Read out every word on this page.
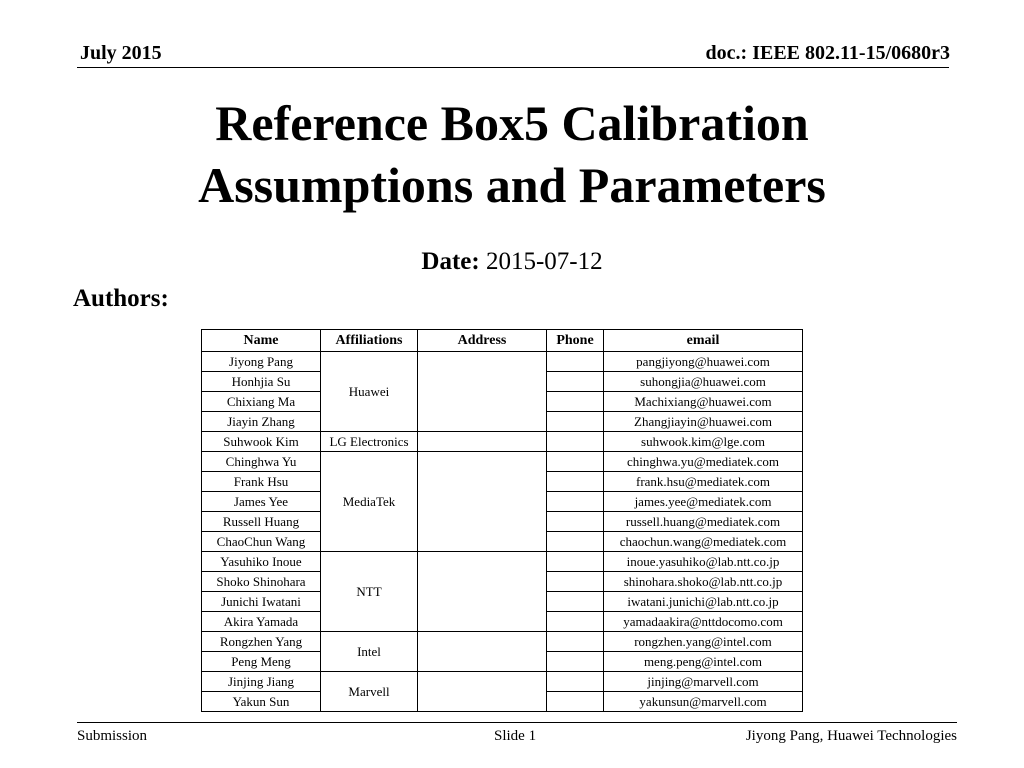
July 2015	doc.: IEEE 802.11-15/0680r3
Reference Box5 Calibration
Assumptions and Parameters
Date: 2015-07-12
Authors:
Name	Affiliations	Address	Phone	email
Jiyong Pang	Huawei			pangjiyong@huawei.com
Honhjia Su				suhongjia@huawei.com
Chixiang Ma				Machixiang@huawei.com
Jiayin Zhang				Zhangjiayin@huawei.com
Suhwook Kim	LG Electronics			suhwook.kim@lge.com
Chinghwa Yu	MediaTek			chinghwa.yu@mediatek.com
Frank Hsu				frank.hsu@mediatek.com
James Yee				james.yee@mediatek.com
Russell Huang				russell.huang@mediatek.com
ChaoChun Wang				chaochun.wang@mediatek.com
Yasuhiko Inoue	NTT			inoue.yasuhiko@lab.ntt.co.jp
Shoko Shinohara				shinohara.shoko@lab.ntt.co.jp
Junichi Iwatani				iwatani.junichi@lab.ntt.co.jp
Akira Yamada				yamadaakira@nttdocomo.com
Rongzhen Yang	Intel			rongzhen.yang@intel.com
Peng Meng				meng.peng@intel.com
Jinjing Jiang	Marvell			jinjing@marvell.com
Yakun Sun				yakunsun@marvell.com
Submission	Slide 1	Jiyong Pang, Huawei Technologies
